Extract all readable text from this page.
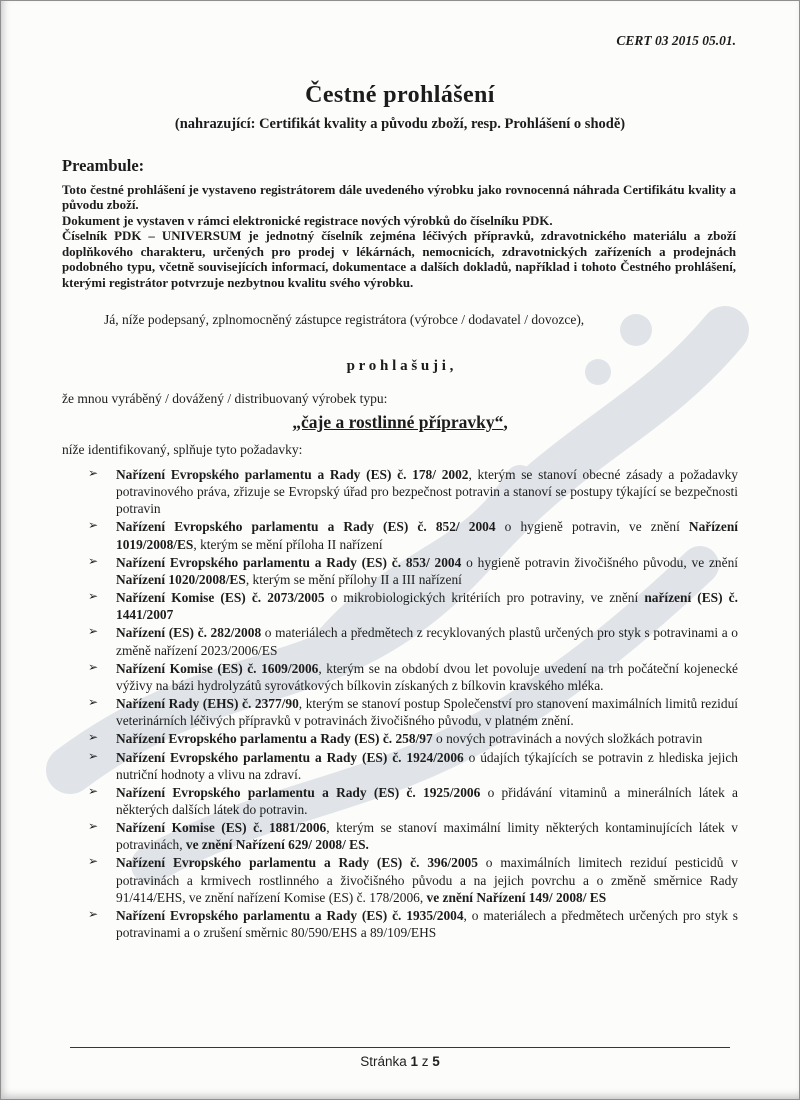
CERT 03 2015 05.01.
Čestné prohlášení
(nahrazující: Certifikát kvality a původu zboží, resp. Prohlášení o shodě)
Preambule:

Toto čestné prohlášení je vystaveno registrátorem dále uvedeného výrobku jako rovnocenná náhrada Certifikátu kvality a původu zboží.

Dokument je vystaven v rámci elektronické registrace nových výrobků do číselníku PDK.

Číselník PDK – UNIVERSUM je jednotný číselník zejména léčivých přípravků, zdravotnického materiálu a zboží doplňkového charakteru, určených pro prodej v lékárnách, nemocnicích, zdravotnických zařízeních a prodejnách podobného typu, včetně souvisejících informací, dokumentace a dalších dokladů, například i tohoto Čestného prohlášení, kterými registrátor potvrzuje nezbytnou kvalitu svého výrobku.

Já, níže podepsaný, zplnomocněný zástupce registrátora (výrobce / dodavatel / dovozce),
p r o h l a š u j i ,
že mnou vyráběný / dovážený / distribuovaný výrobek typu:
„čaje a rostlinné přípravky“,
níže identifikovaný, splňuje tyto požadavky:
➢ Nařízení Evropského parlamentu a Rady (ES) č. 178/ 2002, kterým se stanoví obecné zásady a požadavky potravinového práva, zřizuje se Evropský úřad pro bezpečnost potravin a stanoví se postupy týkající se bezpečnosti potravin
➢ Nařízení Evropského parlamentu a Rady (ES) č. 852/ 2004 o hygieně potravin, ve znění Nařízení 1019/2008/ES, kterým se mění příloha II nařízení
➢ Nařízení Evropského parlamentu a Rady (ES) č. 853/ 2004 o hygieně potravin živočišného původu, ve znění Nařízení 1020/2008/ES, kterým se mění přílohy II a III nařízení
➢ Nařízení Komise (ES) č. 2073/2005 o mikrobiologických kritériích pro potraviny, ve znění nařízení (ES) č. 1441/2007
➢ Nařízení (ES) č. 282/2008 o materiálech a předmětech z recyklovaných plastů určených pro styk s potravinami a o změně nařízení 2023/2006/ES
➢ Nařízení Komise (ES) č. 1609/2006, kterým se na období dvou let povoluje uvedení na trh počáteční kojenecké výživy na bázi hydrolyzátů syrovátkových bílkovin získaných z bílkovin kravského mléka.
➢ Nařízení Rady (EHS) č. 2377/90, kterým se stanoví postup Společenství pro stanovení maximálních limitů reziduí veterinárních léčivých přípravků v potravinách živočišného původu, v platném znění.
➢ Nařízení Evropského parlamentu a Rady (ES) č. 258/97 o nových potravinách a nových složkách potravin
➢ Nařízení Evropského parlamentu a Rady (ES) č. 1924/2006 o údajích týkajících se potravin z hlediska jejich nutriční hodnoty a vlivu na zdraví.
➢ Nařízení Evropského parlamentu a Rady (ES) č. 1925/2006 o přidávání vitaminů a minerálních látek a některých dalších látek do potravin.
➢ Nařízení Komise (ES) č. 1881/2006, kterým se stanoví maximální limity některých kontaminujících látek v potravinách, ve znění Nařízení 629/ 2008/ ES.
➢ Nařízení Evropského parlamentu a Rady (ES) č. 396/2005 o maximálních limitech reziduí pesticidů v potravinách a krmivech rostlinného a živočišného původu a na jejich povrchu a o změně směrnice Rady 91/414/EHS, ve znění nařízení Komise (ES) č. 178/2006, ve znění Nařízení 149/ 2008/ ES
➢ Nařízení Evropského parlamentu a Rady (ES) č. 1935/2004, o materiálech a předmětech určených pro styk s potravinami a o zrušení směrnic 80/590/EHS a 89/109/EHS
Stránka 1 z 5
